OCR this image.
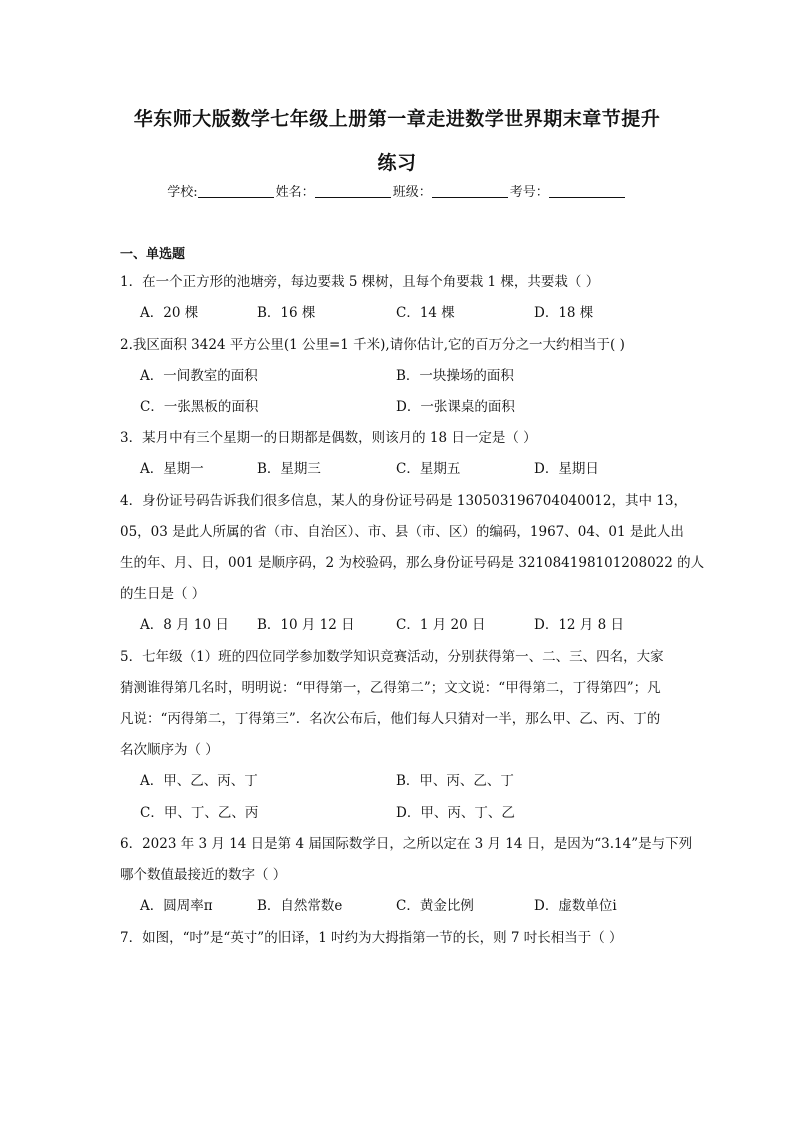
华东师大版数学七年级上册第一章走进数学世界期末章节提升
练习
学校:	姓名：	班级：	考号：
一、单选题
1．在一个正方形的池塘旁，每边要栽 5 棵树，且每个角要栽 1 棵，共要栽（ ）
A．20 棵	B．16 棵	C．14 棵	D．18 棵
2.我区面积 3424 平方公里(1 公里=1 千米),请你估计,它的百万分之一大约相当于( )
A．一间教室的面积	B．一块操场的面积
C．一张黑板的面积	D．一张课桌的面积
3．某月中有三个星期一的日期都是偶数，则该月的 18 日一定是（ ）
A．星期一	B．星期三	C．星期五	D．星期日
4．身份证号码告诉我们很多信息，某人的身份证号码是 130503196704040012，其中 13，
05，03 是此人所属的省（市、自治区）、市、县（市、区）的编码，1967、04、01 是此人出
生的年、月、日，001 是顺序码，2 为校验码，那么身份证号码是 321084198101208022 的人
的生日是（ ）
A．8 月 10 日 B．10 月 12 日	C．1 月 20 日	D．12 月 8 日
5．七年级（1）班的四位同学参加数学知识竞赛活动，分别获得第一、二、三、四名，大家
猜测谁得第几名时，明明说：“甲得第一，乙得第二”；文文说：“甲得第二，丁得第四”；凡
凡说：“丙得第二，丁得第三”．名次公布后，他们每人只猜对一半，那么甲、乙、丙、丁的
名次顺序为（ ）
A．甲、乙、丙、丁	B．甲、丙、乙、丁
C．甲、丁、乙、丙	D．甲、丙、丁、乙
6．2023 年 3 月 14 日是第 4 届国际数学日，之所以定在 3 月 14 日，是因为“3.14”是与下列
哪个数值最接近的数字（ ）
A．圆周率π	B．自然常数e	C．黄金比例	D．虚数单位i
7．如图，“吋”是“英寸”的旧译，1 吋约为大拇指第一节的长，则 7 吋长相当于（ ）
